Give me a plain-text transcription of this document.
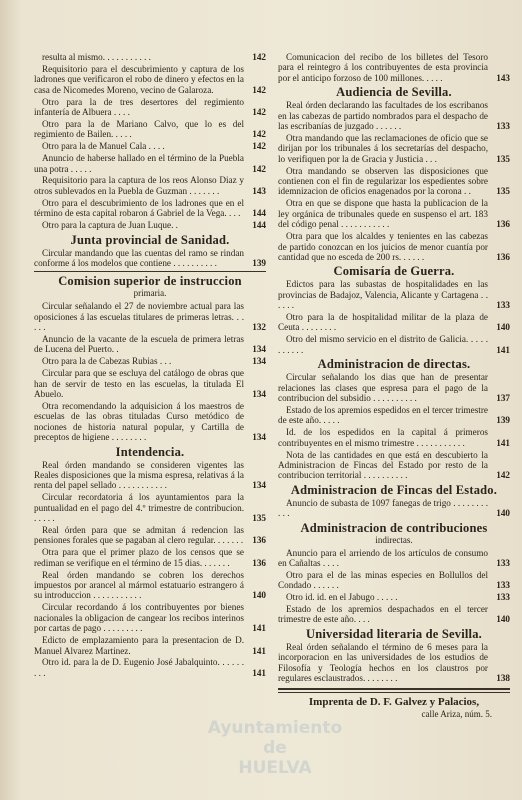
resulta al mismo. . . . . . . . . . .	142
Requisitorio para el descubrimiento y captura de los ladrones que verificaron el robo de dinero y efectos en la casa de Nicomedes Moreno, vecino de Galaroza.	142
Otro para la de tres desertores del regimiento infantería de Albuera . . . .	142
Otro para la de Mariano Calvo, que lo es del regimiento de Bailen. . . . .	142
Otro para la de Manuel Cala . . . .	142
Anuncio de haberse hallado en el término de la Puebla una potra . . . . .	142
Requisitorio para la captura de los reos Alonso Diaz y otros sublevados en la Puebla de Guzman . . . . . . .	143
Otro para el descubrimiento de los ladrones que en el término de esta capital robaron á Gabriel de la Vega. . . .	144
Otro para la captura de Juan Luque. .	144
Junta provincial de Sanidad.
Circular mandando que las cuentas del ramo se rindan conforme á los modelos que contiene . . . . . . . . . .	139
Comision superior de instruccion
primaria.
Circular señalando el 27 de noviembre actual para las oposiciones á las escuelas titulares de primeras letras. . . . . .	132
Anuncio de la vacante de la escuela de primera letras de Lucena del Puerto. .	134
Otro para la de Cabezas Rubias . . .	134
Circular para que se escluya del catálogo de obras que han de servir de testo en las escuelas, la titulada El Abuelo.	134
Otra recomendando la adquisicion á los maestros de escuelas de las obras tituladas Curso metódico de nociones de historia natural popular, y Cartilla de preceptos de higiene . . . . . . . .	134
Intendencia.
Real órden mandando se consideren vigentes las Reales disposiciones que la misma espresa, relativas á la renta del papel sellado . . . . . . . . . . .	134
Circular recordatoria á los ayuntamientos para la puntualidad en el pago del 4.º trimestre de contribucion. . . . . .	135
Real órden para que se admitan á redencion las pensiones forales que se pagaban al clero regular. . . . . . . 136
Otra para que el primer plazo de los censos que se rediman se verifique en el término de 15 dias. . . . . . .	136
Real órden mandando se cobren los derechos impuestos por arancel al mármol estatuario estrangero á su introduccion . . . . . . . . . . .	140
Circular recordando á los contribuyentes por bienes nacionales la obligacion de cangear los recibos interinos por cartas de pago . . . . . . . . .	141
Edicto de emplazamiento para la presentacion de D. Manuel Alvarez Martinez.	141
Otro id. para la de D. Eugenio José Jabalquinto. . . . . . . . .	141
Comunicacion del recibo de los billetes del Tesoro para el reintegro á los contribuyentes de esta provincia por el anticipo forzoso de 100 millones. . . . .	143
Audiencia de Sevilla.
Real órden declarando las facultades de los escribanos en las cabezas de partido nombrados para el despacho de las escribanías de juzgado . . . . . .	133
Otra mandando que las reclamaciones de oficio que se dirijan por los tribunales á los secretarías del despacho, lo verifiquen por la de Gracia y Justicia . . .	135
Otra mandando se observen las disposiciones que contienen con el fin de regularizar los espedientes sobre idemnizacion de oficios enagenados por la corona . .	135
Otra en que se dispone que hasta la publicacion de la ley orgánica de tribunales quede en suspenso el art. 183 del código penal . . . . . . . . . . .	136
Otra para que los alcaldes y tenientes en las cabezas de partido conozcan en los juicios de menor cuantía por cantidad que no esceda de 200 rs. . . . . .	136
Comisaría de Guerra.
Edictos para las subastas de hospitalidades en las provincias de Badajoz, Valencia, Alicante y Cartagena . . . . . .	133
Otro para la de hospitalidad militar de la plaza de Ceuta . . . . . . . .	140
Otro del mismo servicio en el distrito de Galicia. . . . . . . . . . .	141
Administracion de directas.
Circular señalando los dias que han de presentar relaciones las clases que espresa para el pago de la contribucion del subsidio . . . . . . . . . .	137
Estado de los apremios espedidos en el tercer trimestre de este año. . . . .	139
Id. de los espedidos en la capital á primeros contribuyentes en el mismo trimestre . . . . . . . . . . .	141
Nota de las cantidades en que está en descubierto la Administracion de Fincas del Estado por resto de la contribucion territorial . . . . . . . . . .	142
Administracion de Fincas del Estado.
Anuncio de subasta de 1097 fanegas de trigo . . . . . . . . . . .	140
Administracion de contribuciones
indirectas.
Anuncio para el arriendo de los artículos de consumo en Cañaltas . . . .	133
Otro para el de las minas especies en Bollullos del Condado . . . . . .	133
Otro id. id. en el Jabugo . . . . .	133
Estado de los apremios despachados en el tercer trimestre de este año. . . .	140
Universidad literaria de Sevilla.
Real órden señalando el término de 6 meses para la incorporacion en las universidades de los estudios de Filosofía y Teología hechos en los claustros por regulares esclaustrados. . . . . . . .	138
Imprenta de D. F. Galvez y Palacios,
calle Ariza, núm. 5.
Ayuntamiento de
HUELVA
